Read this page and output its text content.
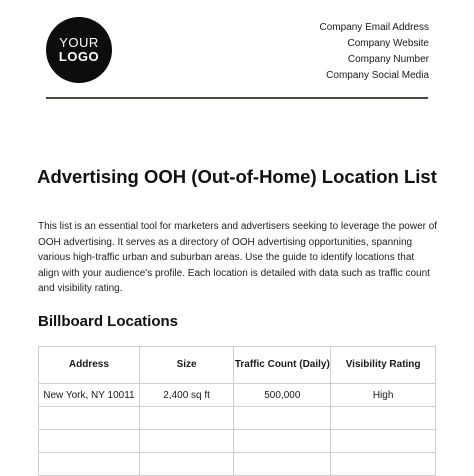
YOUR
LOGO
Company Email Address
Company Website
Company Number
Company Social Media
Advertising OOH (Out-of-Home) Location List
This list is an essential tool for marketers and advertisers seeking to leverage the power of OOH advertising. It serves as a directory of OOH advertising opportunities, spanning various high-traffic urban and suburban areas. Use the guide to identify locations that align with your audience's profile. Each location is detailed with data such as traffic count and visibility rating.
Billboard Locations
Address	Size	Traffic Count (Daily)	Visibility Rating
New York, NY 10011	2,400 sq ft	500,000	High
